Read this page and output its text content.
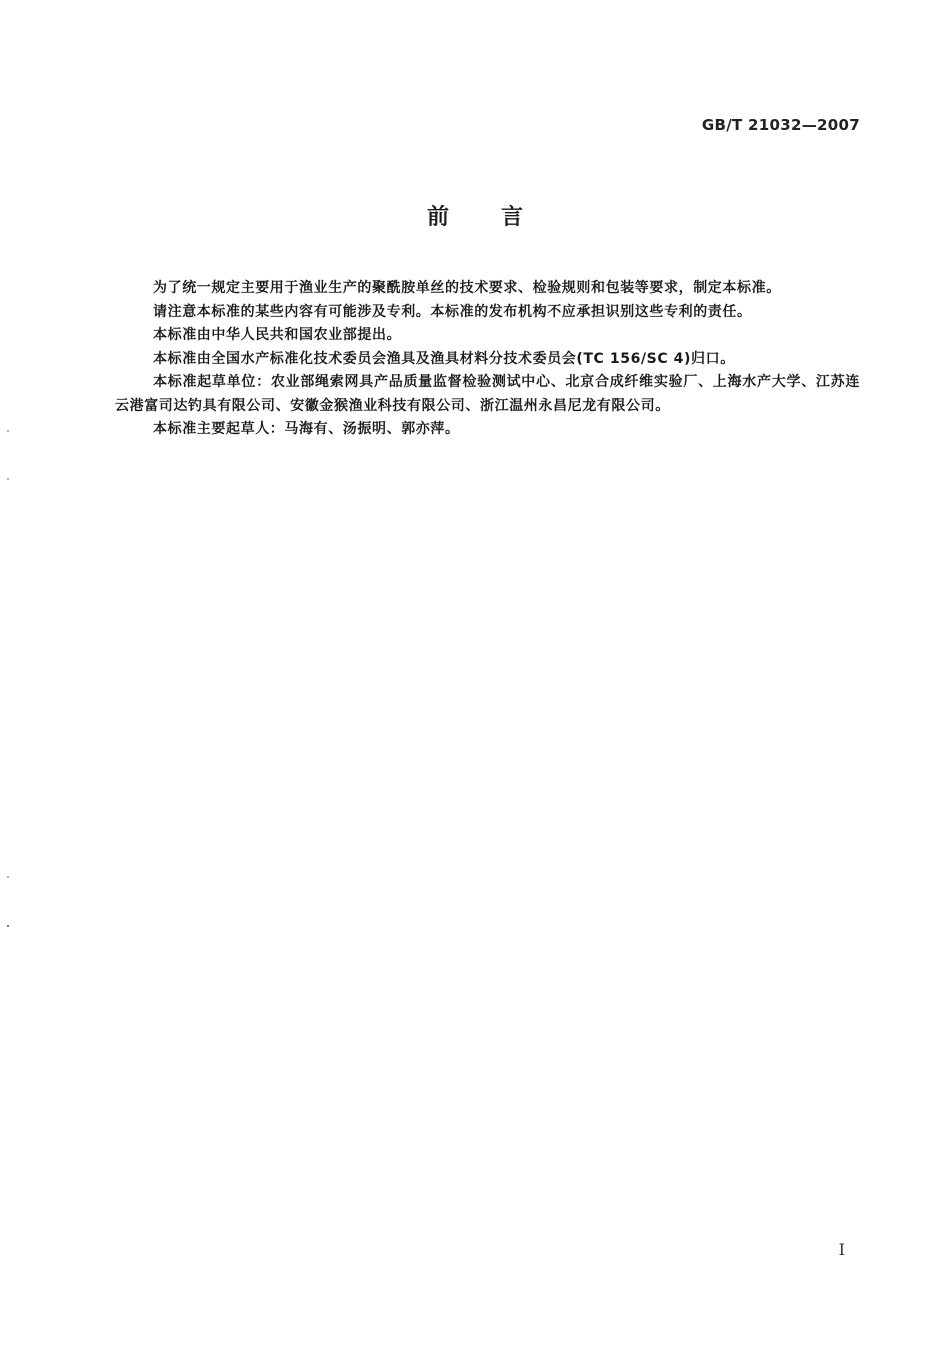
GB/T 21032—2007
前言

为了统一规定主要用于渔业生产的聚酰胺单丝的技术要求、检验规则和包装等要求，制定本标准。

请注意本标准的某些内容有可能涉及专利。本标准的发布机构不应承担识别这些专利的责任。

本标准由中华人民共和国农业部提出。

本标准由全国水产标准化技术委员会渔具及渔具材料分技术委员会(TC 156/SC 4)归口。

本标准起草单位：农业部绳索网具产品质量监督检验测试中心、北京合成纤维实验厂、上海水产大学、江苏连云港富司达钓具有限公司、安徽金猴渔业科技有限公司、浙江温州永昌尼龙有限公司。

本标准主要起草人：马海有、汤振明、郭亦萍。

I
